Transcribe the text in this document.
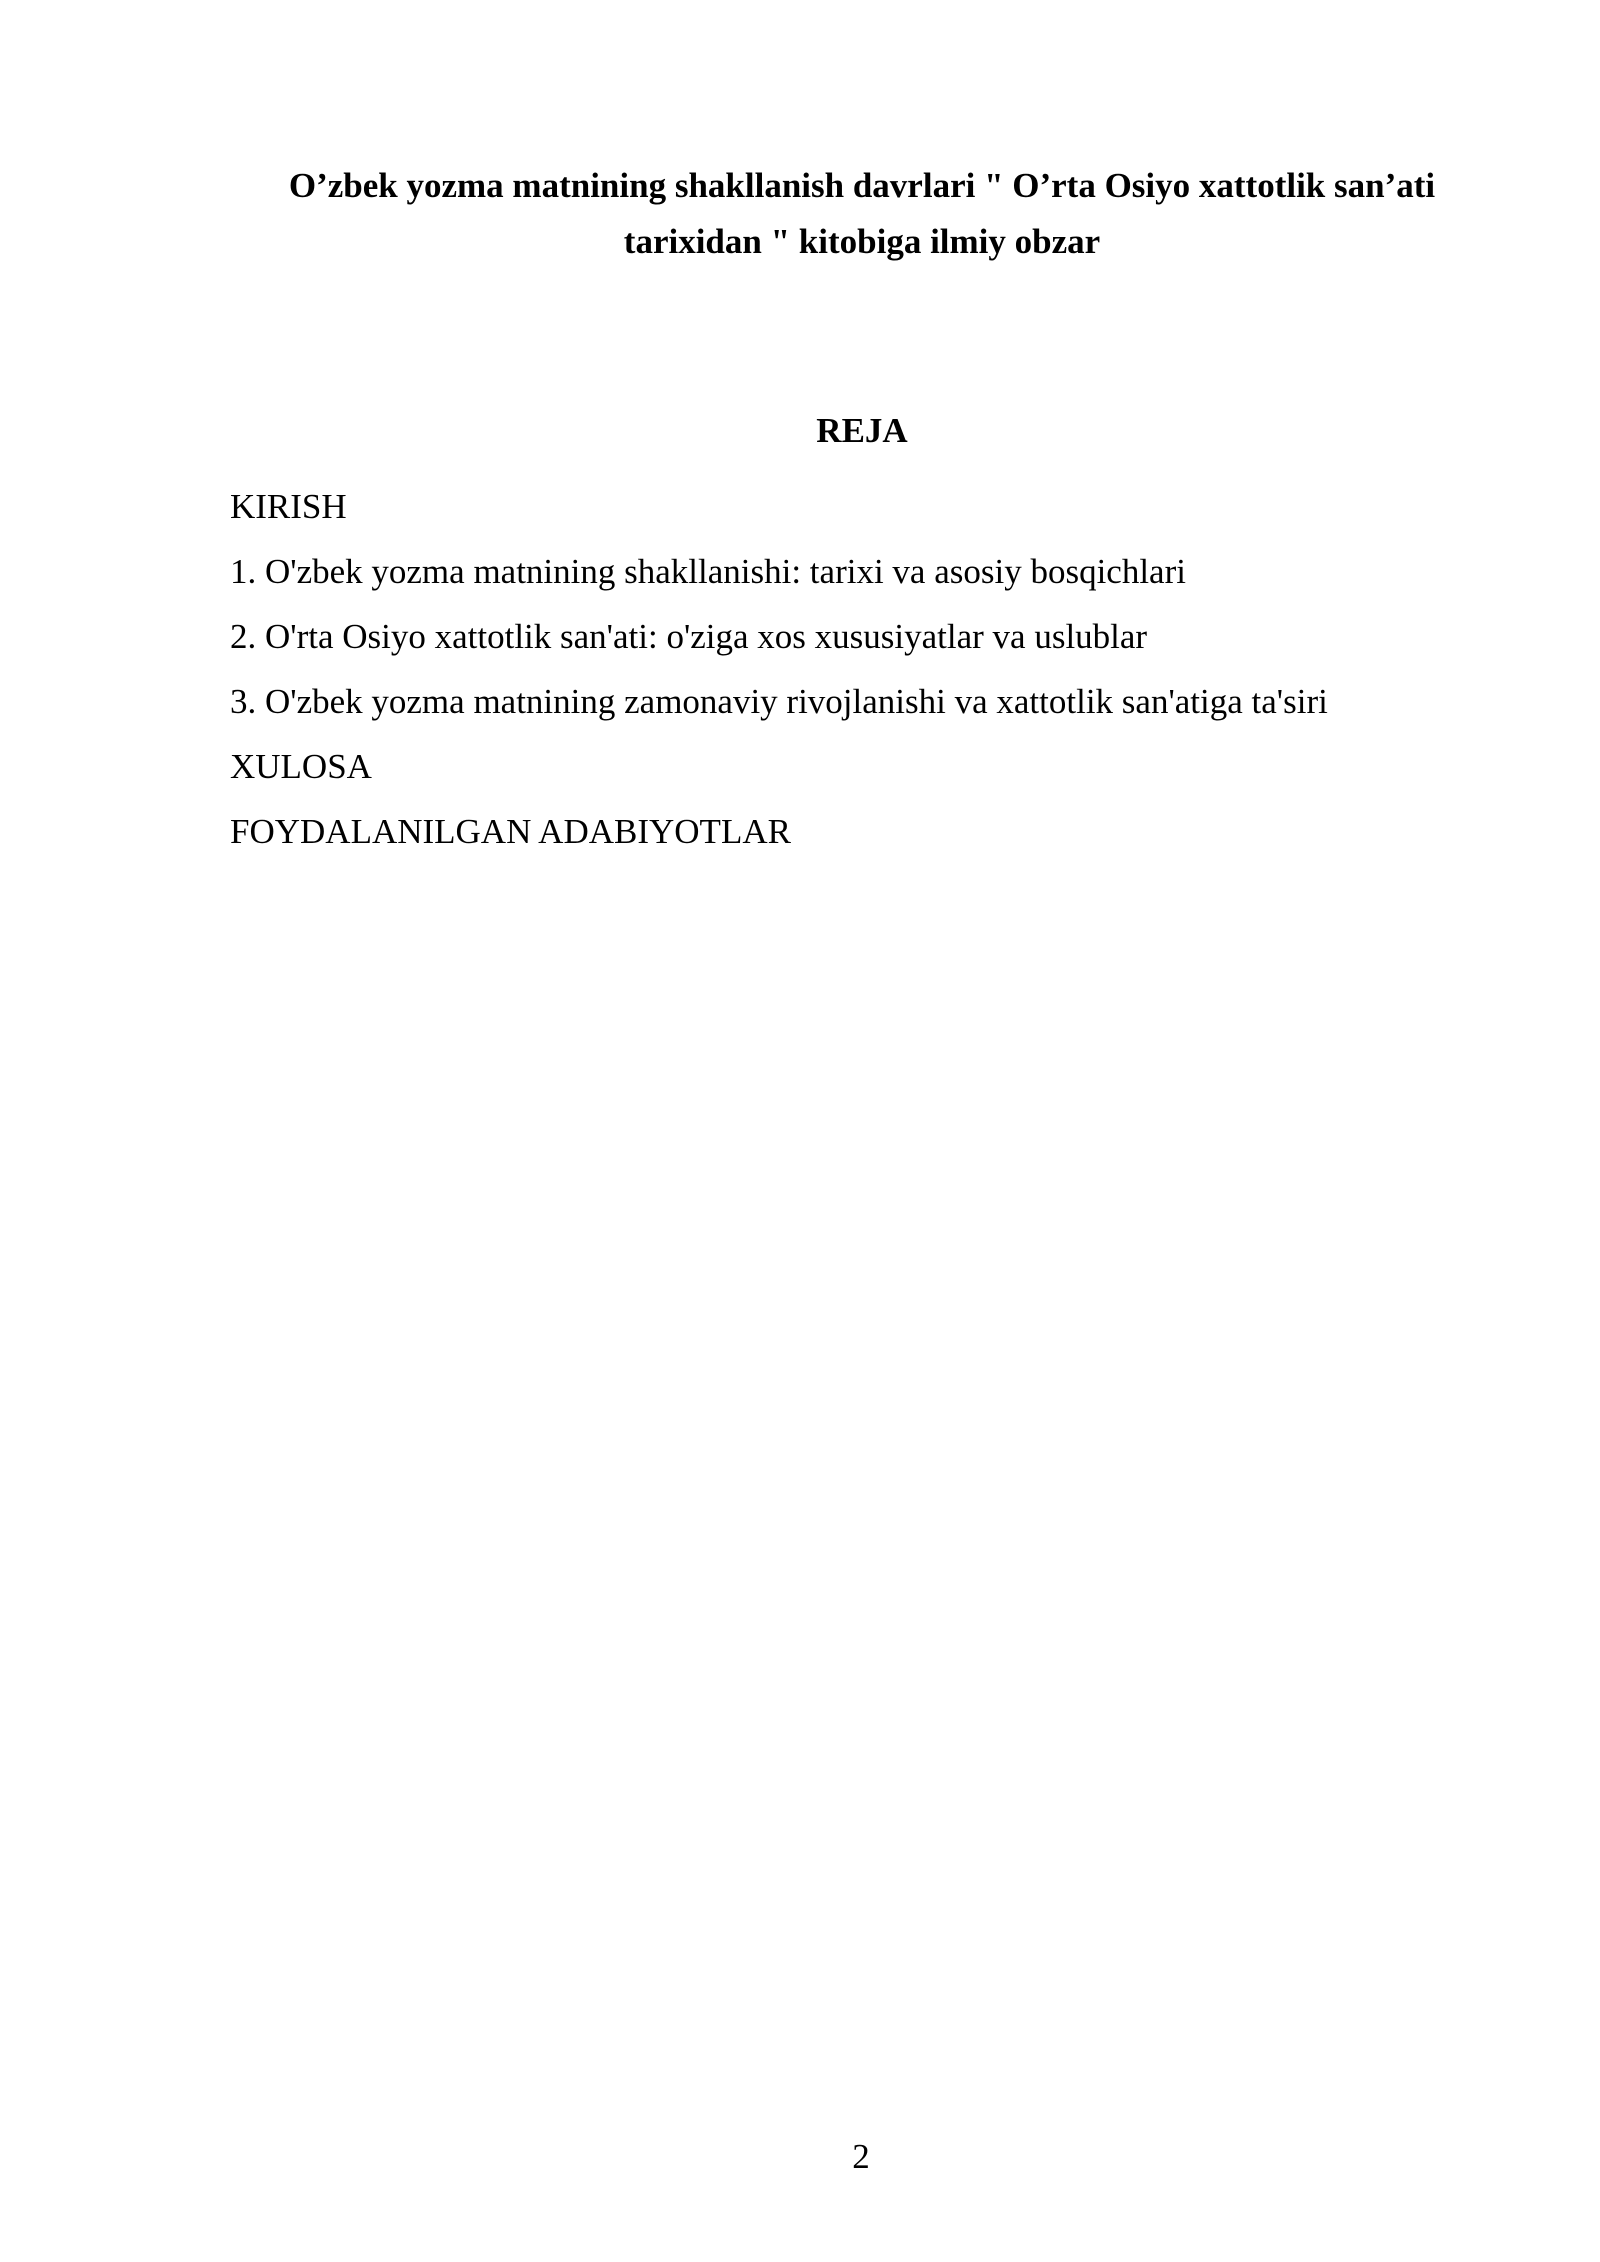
O’zbek yozma matnining shakllanish davrlari " O’rta Osiyo xattotlik san’ati
tarixidan " kitobiga ilmiy obzar
REJA
KIRISH
1. O'zbek yozma matnining shakllanishi: tarixi va asosiy bosqichlari
2. O'rta Osiyo xattotlik san'ati: o'ziga xos xususiyatlar va uslublar
3. O'zbek yozma matnining zamonaviy rivojlanishi va xattotlik san'atiga ta'siri
XULOSA
FOYDALANILGAN ADABIYOTLAR
2
